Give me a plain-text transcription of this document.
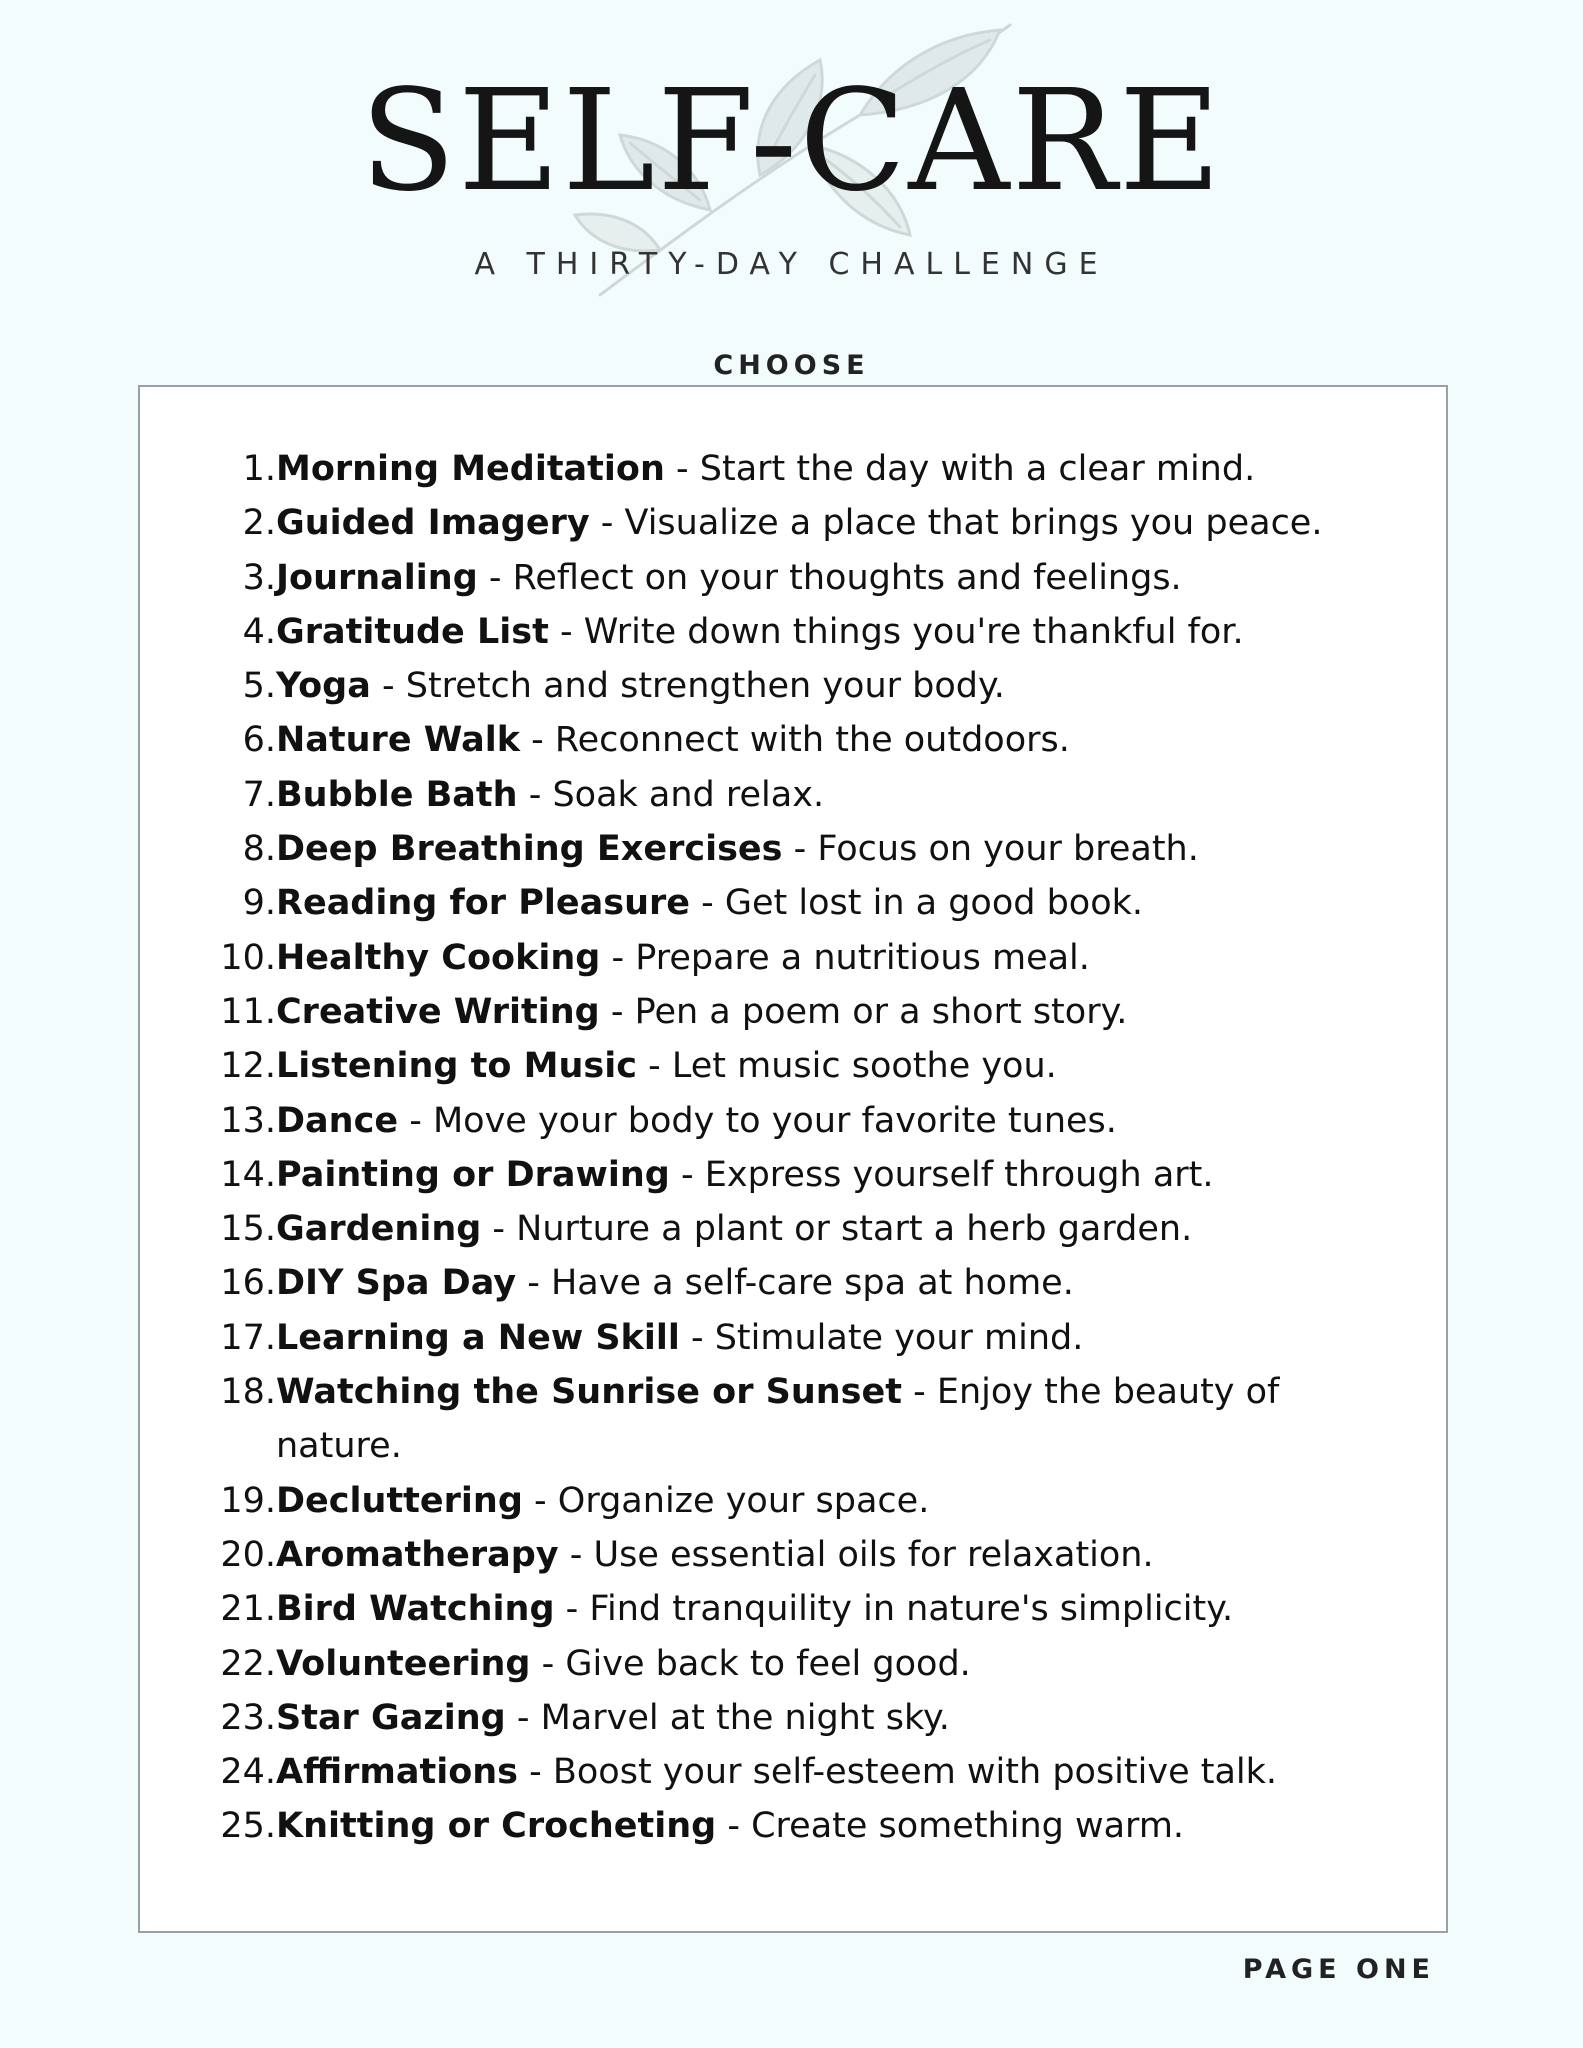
SELF-CARE
A THIRTY-DAY CHALLENGE
CHOOSE
1. Morning Meditation - Start the day with a clear mind.
2. Guided Imagery - Visualize a place that brings you peace.
3. Journaling - Reflect on your thoughts and feelings.
4. Gratitude List - Write down things you're thankful for.
5. Yoga - Stretch and strengthen your body.
6. Nature Walk - Reconnect with the outdoors.
7. Bubble Bath - Soak and relax.
8. Deep Breathing Exercises - Focus on your breath.
9. Reading for Pleasure - Get lost in a good book.
10. Healthy Cooking - Prepare a nutritious meal.
11. Creative Writing - Pen a poem or a short story.
12. Listening to Music - Let music soothe you.
13. Dance - Move your body to your favorite tunes.
14. Painting or Drawing - Express yourself through art.
15. Gardening - Nurture a plant or start a herb garden.
16. DIY Spa Day - Have a self-care spa at home.
17. Learning a New Skill - Stimulate your mind.
18. Watching the Sunrise or Sunset - Enjoy the beauty of nature.
19. Decluttering - Organize your space.
20. Aromatherapy - Use essential oils for relaxation.
21. Bird Watching - Find tranquility in nature's simplicity.
22. Volunteering - Give back to feel good.
23. Star Gazing - Marvel at the night sky.
24. Affirmations - Boost your self-esteem with positive talk.
25. Knitting or Crocheting - Create something warm.
PAGE ONE
